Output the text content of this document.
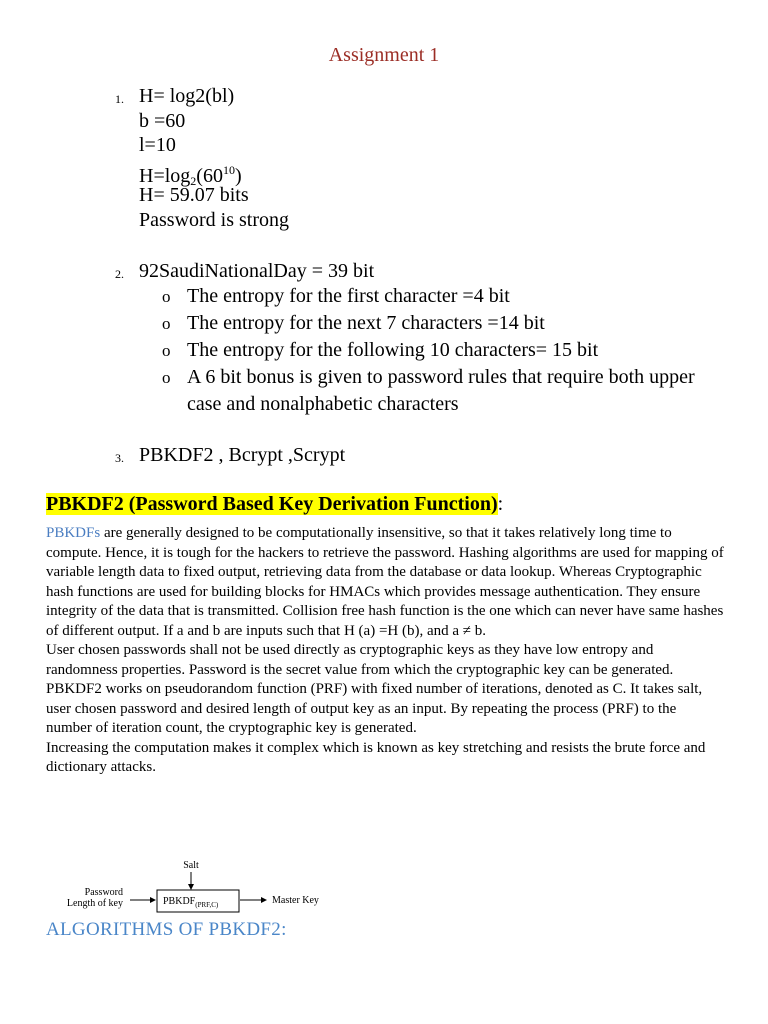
Assignment 1
1. H= log2(bl)
b =60
l=10
$H=\log_2(60^{10})$
H= 59.07 bits
Password is strong
2. 92SaudiNationalDay = 39 bit
o The entropy for the first character =4 bit
o The entropy for the next 7 characters =14 bit
o The entropy for the following 10 characters= 15 bit
o A 6 bit bonus is given to password rules that require both upper case and nonalphabetic characters
3. PBKDF2 , Bcrypt ,Scrypt
PBKDF2 (Password Based Key Derivation Function):

PBKDFs are generally designed to be computationally insensitive, so that it takes relatively long time to compute. Hence, it is tough for the hackers to retrieve the password. Hashing algorithms are used for mapping of variable length data to fixed output, retrieving data from the database or data lookup. Whereas Cryptographic hash functions are used for building blocks for HMACs which provides message authentication. They ensure integrity of the data that is transmitted. Collision free hash function is the one which can never have same hashes of different output. If a and b are inputs such that H (a) =H (b), and a ≠ b.

User chosen passwords shall not be used directly as cryptographic keys as they have low entropy and randomness properties. Password is the secret value from which the cryptographic key can be generated.

PBKDF2 works on pseudorandom function (PRF) with fixed number of iterations, denoted as C. It takes salt, user chosen password and desired length of output key as an input. By repeating the process (PRF) to the number of iteration count, the cryptographic key is generated.

Increasing the computation makes it complex which is known as key stretching and resists the brute force and dictionary attacks.

Salt
Password
Length of key	$PBKDF_{(PRF,C)}$	Master Key
ALGORITHMS OF PBKDF2:
